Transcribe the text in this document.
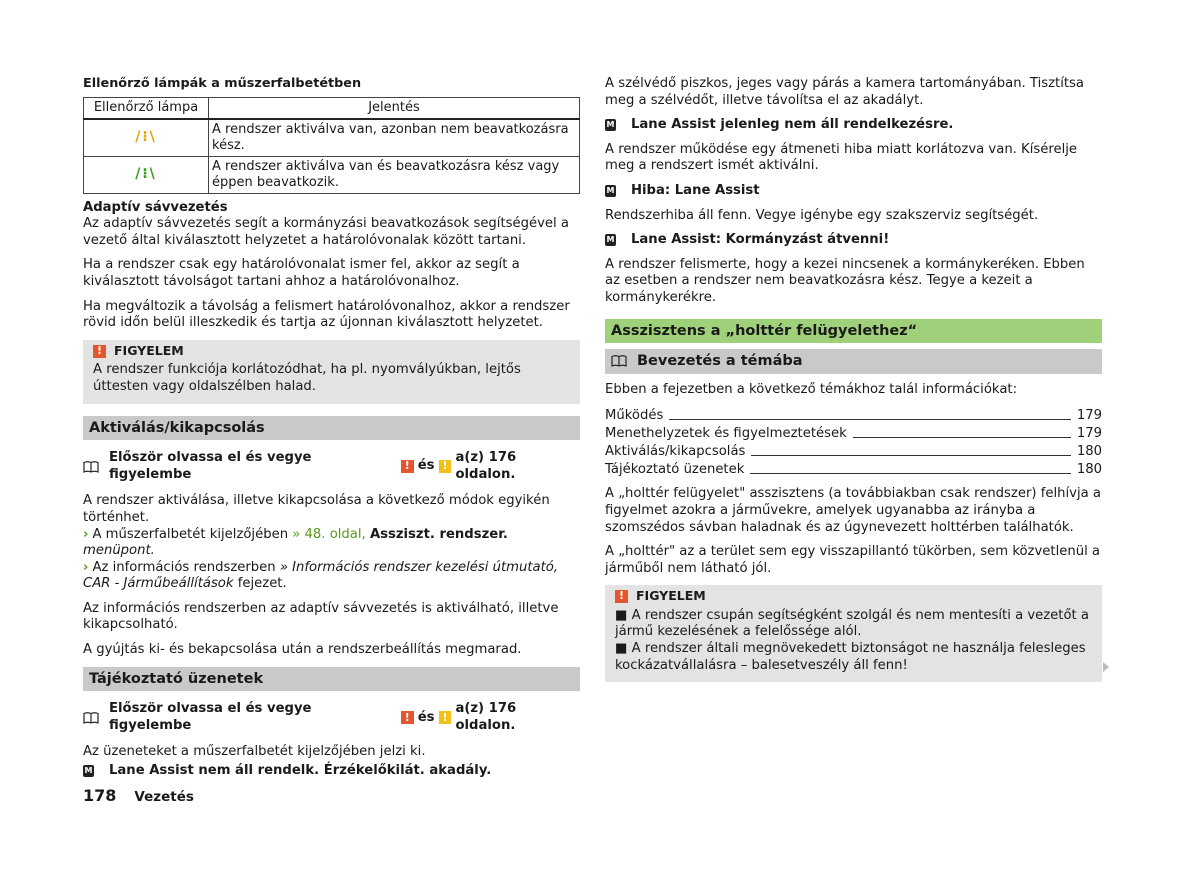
Ellenőrző lámpák a műszerfalbetétben

Ellenőrző lámpa	Jelentés
/⁝\	A rendszer aktiválva van, azonban nem beavatkozásra kész.
/⁝\	A rendszer aktiválva van és beavatkozásra kész vagy éppen beavatkozik.

Adaptív sávvezetés

Az adaptív sávvezetés segít a kormányzási beavatkozások segítségével a vezető által kiválasztott helyzetet a határolóvonalak között tartani.

Ha a rendszer csak egy határolóvonalat ismer fel, akkor az segít a kiválasztott távolságot tartani ahhoz a határolóvonalhoz.

Ha megváltozik a távolság a felismert határolóvonalhoz, akkor a rendszer rövid időn belül illeszkedik és tartja az újonnan kiválasztott helyzetet.

! FIGYELEM
A rendszer funkciója korlátozódhat, ha pl. nyomvályúkban, lejtős úttesten vagy oldalszélben halad.
Aktiválás/kikapcsolás
Először olvassa el és vegye figyelembe
! és !
a(z) 176 oldalon.

A rendszer aktiválása, illetve kikapcsolása a következő módok egyikén történhet.

› A műszerfalbetét kijelzőjében » 48. oldal, Assziszt. rendszer. menüpont.

› Az információs rendszerben » Információs rendszer kezelési útmutató, CAR - Járműbeállítások fejezet.

Az információs rendszerben az adaptív sávvezetés is aktiválható, illetve kikapcsolható.

A gyújtás ki- és bekapcsolása után a rendszerbeállítás megmarad.

Tájékoztató üzenetek
Először olvassa el és vegye figyelembe
! és !
a(z) 176 oldalon.

Az üzeneteket a műszerfalbetét kijelzőjében jelzi ki.

M Lane Assist nem áll rendelk. Érzékelőkilát. akadály.

A szélvédő piszkos, jeges vagy párás a kamera tartományában. Tisztítsa meg a szélvédőt, illetve távolítsa el az akadályt.

M Lane Assist jelenleg nem áll rendelkezésre.

A rendszer működése egy átmeneti hiba miatt korlátozva van. Kísérelje meg a rendszert ismét aktiválni.

M Hiba: Lane Assist

Rendszerhiba áll fenn. Vegye igénybe egy szakszerviz segítségét.

M Lane Assist: Kormányzást átvenni!

A rendszer felismerte, hogy a kezei nincsenek a kormánykeréken. Ebben az esetben a rendszer nem beavatkozásra kész. Tegye a kezeit a kormánykerékre.

Asszisztens a „holttér felügyelethez“
Bevezetés a témába

Ebben a fejezetben a következő témákhoz talál információkat:

Működés	179
Menethelyzetek és figyelmeztetések	179
Aktiválás/kikapcsolás	180
Tájékoztató üzenetek	180

A „holttér felügyelet" asszisztens (a továbbiakban csak rendszer) felhívja a figyelmet azokra a járművekre, amelyek ugyanabba az irányba a szomszédos sávban haladnak és az úgynevezett holttérben találhatók.

A „holttér" az a terület sem egy visszapillantó tükörben, sem közvetlenül a járműből nem látható jól.

! FIGYELEM
■ A rendszer csupán segítségként szolgál és nem mentesíti a vezetőt a jármű kezelésének a felelőssége alól.
■ A rendszer általi megnövekedett biztonságot ne használja felesleges kockázatvállalásra – balesetveszély áll fenn!
178 Vezetés
